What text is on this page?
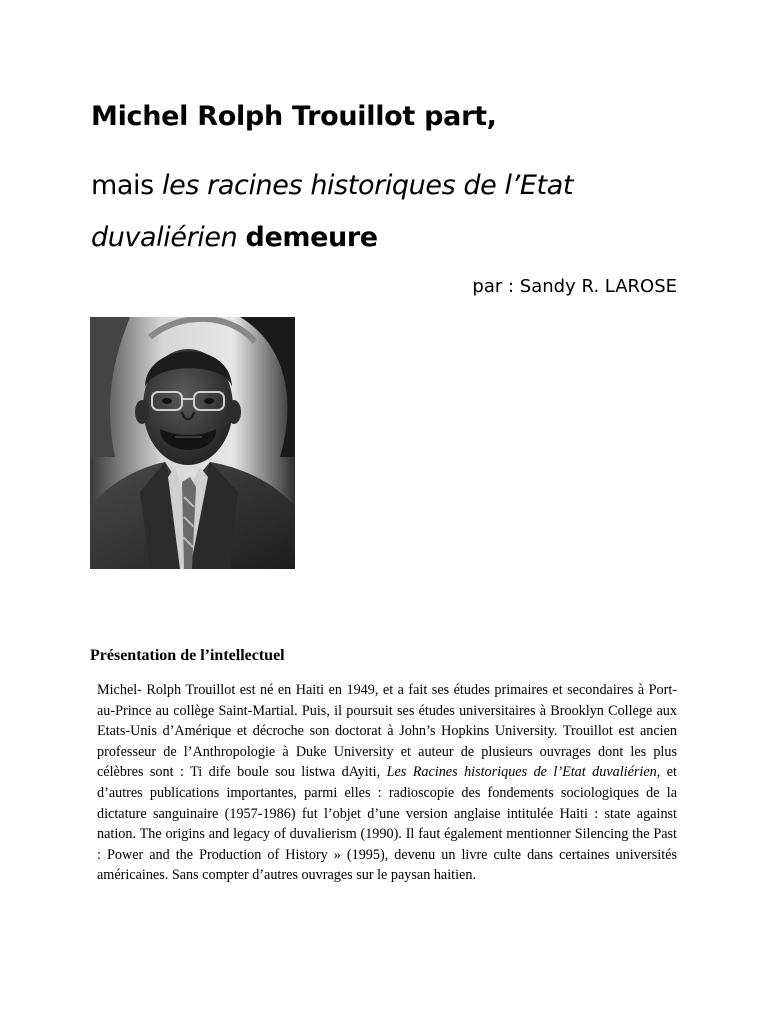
Michel Rolph Trouillot part,
mais les racines historiques de l’Etat duvaliérien demeure
par : Sandy R. LAROSE
Présentation de l’intellectuel
Michel- Rolph Trouillot est né en Haiti en 1949, et a fait ses études primaires et secondaires à Port-au-Prince au collège Saint-Martial. Puis, il poursuit ses études universitaires à Brooklyn College aux Etats-Unis d’Amérique et décroche son doctorat à John’s Hopkins University. Trouillot est ancien professeur de l’Anthropologie à Duke University et auteur de plusieurs ouvrages dont les plus célèbres sont : Ti dife boule sou listwa dAyiti, Les Racines historiques de l’Etat duvaliérien, et d’autres publications importantes, parmi elles : radioscopie des fondements sociologiques de la dictature sanguinaire (1957-1986) fut l’objet d’une version anglaise intitulée Haiti : state against nation. The origins and legacy of duvalierism (1990). Il faut également mentionner Silencing the Past : Power and the Production of History » (1995), devenu un livre culte dans certaines universités américaines. Sans compter d’autres ouvrages sur le paysan haitien.
